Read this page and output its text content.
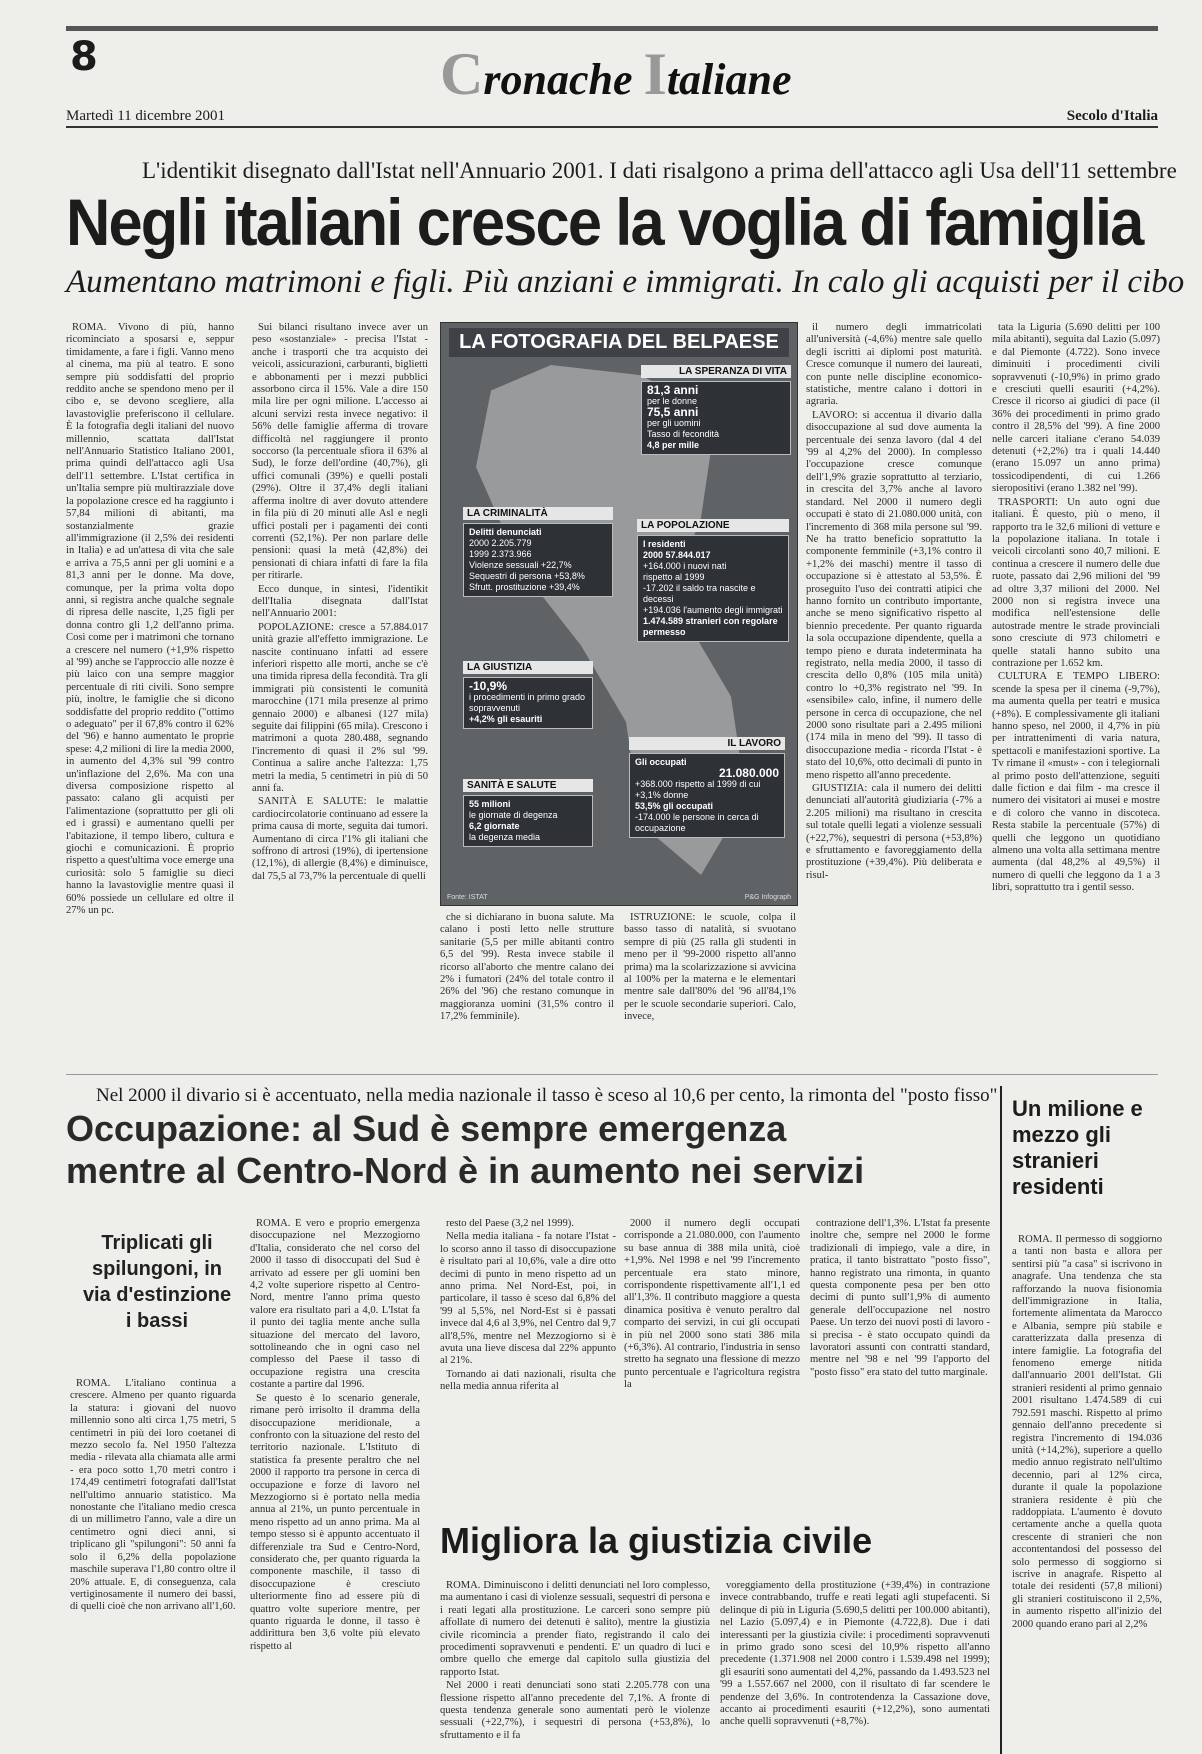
8	Cronache Italiane
Martedì 11 dicembre 2001	Secolo d'Italia
L'identikit disegnato dall'Istat nell'Annuario 2001. I dati risalgono a prima dell'attacco agli Usa dell'11 settembre
Negli italiani cresce la voglia di famiglia
Aumentano matrimoni e figli. Più anziani e immigrati. In calo gli acquisti per il cibo

ROMA. Vivono di più, hanno ricominciato a sposarsi e, seppur timidamente, a fare i figli. Vanno meno al cinema, ma più al teatro. E sono sempre più soddisfatti del proprio reddito anche se spendono meno per il cibo e, se devono scegliere, alla lavastoviglie preferiscono il cellulare. È la fotografia degli italiani del nuovo millennio, scattata dall'Istat nell'Annuario Statistico Italiano 2001, prima quindi dell'attacco agli Usa dell'11 settembre. L'Istat certifica in un'Italia sempre più multirazziale dove la popolazione cresce ed ha raggiunto i 57,84 milioni di abitanti, ma sostanzialmente grazie all'immigrazione (il 2,5% dei residenti in Italia) e ad un'attesa di vita che sale e arriva a 75,5 anni per gli uomini e a 81,3 anni per le donne. Ma dove, comunque, per la prima volta dopo anni, si registra anche qualche segnale di ripresa delle nascite, 1,25 figli per donna contro gli 1,2 dell'anno prima. Così come per i matrimoni che tornano a crescere nel numero (+1,9% rispetto al '99) anche se l'approccio alle nozze è più laico con una sempre maggior percentuale di riti civili. Sono sempre più, inoltre, le famiglie che si dicono soddisfatte del proprio reddito ("ottimo o adeguato" per il 67,8% contro il 62% del '96) e hanno aumentato le proprie spese: 4,2 milioni di lire la media 2000, in aumento del 4,3% sul '99 contro un'inflazione del 2,6%. Ma con una diversa composizione rispetto al passato: calano gli acquisti per l'alimentazione (soprattutto per gli oli ed i grassi) e aumentano quelli per l'abitazione, il tempo libero, cultura e giochi e comunicazioni. È proprio rispetto a quest'ultima voce emerge una curiosità: solo 5 famiglie su dieci hanno la lavastoviglie mentre quasi il 60% possiede un cellulare ed oltre il 27% un pc.

Sui bilanci risultano invece aver un peso «sostanziale» - precisa l'Istat - anche i trasporti che tra acquisto dei veicoli, assicurazioni, carburanti, biglietti e abbonamenti per i mezzi pubblici assorbono circa il 15%. Vale a dire 150 mila lire per ogni milione. L'accesso ai alcuni servizi resta invece negativo: il 56% delle famiglie afferma di trovare difficoltà nel raggiungere il pronto soccorso (la percentuale sfiora il 63% al Sud), le forze dell'ordine (40,7%), gli uffici comunali (39%) e quelli postali (29%). Oltre il 37,4% degli italiani afferma inoltre di aver dovuto attendere in fila più di 20 minuti alle Asl e negli uffici postali per i pagamenti dei conti correnti (52,1%). Per non parlare delle pensioni: quasi la metà (42,8%) dei pensionati di chiara infatti di fare la fila per ritirarle.

Ecco dunque, in sintesi, l'identikit dell'Italia disegnata dall'Istat nell'Annuario 2001:

POPOLAZIONE: cresce a 57.884.017 unità grazie all'effetto immigrazione. Le nascite continuano infatti ad essere inferiori rispetto alle morti, anche se c'è una timida ripresa della fecondità. Tra gli immigrati più consistenti le comunità marocchine (171 mila presenze al primo gennaio 2000) e albanesi (127 mila) seguite dai filippini (65 mila). Crescono i matrimoni a quota 280.488, segnando l'incremento di quasi il 2% sul '99. Continua a salire anche l'altezza: 1,75 metri la media, 5 centimetri in più di 50 anni fa.

SANITÀ E SALUTE: le malattie cardiocircolatorie continuano ad essere la prima causa di morte, seguita dai tumori. Aumentano di circa l'1% gli italiani che soffrono di artrosi (19%), di ipertensione (12,1%), di allergie (8,4%) e diminuisce, dal 75,5 al 73,7% la percentuale di quelli

LA FOTOGRAFIA DEL BELPAESE
LA SPERANZA DI VITA
81,3 anni
per le donne
75,5 anni
per gli uomini
Tasso di fecondità
4,8 per mille
LA CRIMINALITÀ
Delitti denunciati
2000 2.205.779
1999 2.373.966
Violenze sessuali +22,7%
Sequestri di persona +53,8%
Sfrutt. prostituzione +39,4%
LA POPOLAZIONE
I residenti
2000 57.844.017
+164.000 i nuovi nati
rispetto al 1999
-17.202 il saldo tra nascite e decessi
+194.036 l'aumento degli immigrati
1.474.589 stranieri con regolare permesso
LA GIUSTIZIA
-10,9%
i procedimenti in primo grado sopravvenuti
+4,2% gli esauriti
IL LAVORO
Gli occupati
21.080.000
+368.000 rispetto al 1999 di cui
+3,1% donne
53,5% gli occupati
-174.000 le persone in cerca di occupazione
SANITÀ E SALUTE
55 milioni
le giornate di degenza
6,2 giornate
la degenza media
Fonte: ISTAT	P&G Infograph

che si dichiarano in buona salute. Ma calano i posti letto nelle strutture sanitarie (5,5 per mille abitanti contro 6,5 del '99). Resta invece stabile il ricorso all'aborto che mentre calano dei 2% i fumatori (24% del totale contro il 26% del '96) che restano comunque in maggioranza uomini (31,5% contro il 17,2% femminile).

ISTRUZIONE: le scuole, colpa il basso tasso di natalità, si svuotano sempre di più (25 ralla gli studenti in meno per il '99-2000 rispetto all'anno prima) ma la scolarizzazione si avvicina al 100% per la materna e le elementari mentre sale dall'80% del '96 all'84,1% per le scuole secondarie superiori. Calo, invece,

il numero degli immatricolati all'università (-4,6%) mentre sale quello degli iscritti ai diplomi post maturità. Cresce comunque il numero dei laureati, con punte nelle discipline economico-statistiche, mentre calano i dottori in agraria.

LAVORO: si accentua il divario dalla disoccupazione al sud dove aumenta la percentuale dei senza lavoro (dal 4 del '99 al 4,2% del 2000). In complesso l'occupazione cresce comunque dell'1,9% grazie soprattutto al terziario, in crescita del 3,7% anche al lavoro standard. Nel 2000 il numero degli occupati è stato di 21.080.000 unità, con l'incremento di 368 mila persone sul '99. Ne ha tratto beneficio soprattutto la componente femminile (+3,1% contro il +1,2% dei maschi) mentre il tasso di occupazione si è attestato al 53,5%. È proseguito l'uso dei contratti atipici che hanno fornito un contributo importante, anche se meno significativo rispetto al biennio precedente. Per quanto riguarda la sola occupazione dipendente, quella a tempo pieno e durata indeterminata ha registrato, nella media 2000, il tasso di crescita dello 0,8% (105 mila unità) contro lo +0,3% registrato nel '99. In «sensibile» calo, infine, il numero delle persone in cerca di occupazione, che nel 2000 sono risultate pari a 2.495 milioni (174 mila in meno del '99). Il tasso di disoccupazione media - ricorda l'Istat - è stato del 10,6%, otto decimali di punto in meno rispetto all'anno precedente.

GIUSTIZIA: cala il numero dei delitti denunciati all'autorità giudiziaria (-7% a 2.205 milioni) ma risultano in crescita sul totale quelli legati a violenze sessuali (+22,7%), sequestri di persona (+53,8%) e sfruttamento e favoreggiamento della prostituzione (+39,4%). Più deliberata e risul-

tata la Liguria (5.690 delitti per 100 mila abitanti), seguita dal Lazio (5.097) e dal Piemonte (4.722). Sono invece diminuiti i procedimenti civili sopravvenuti (-10,9%) in primo grado e cresciuti quelli esauriti (+4,2%). Cresce il ricorso ai giudici di pace (il 36% dei procedimenti in primo grado contro il 28,5% del '99). A fine 2000 nelle carceri italiane c'erano 54.039 detenuti (+2,2%) tra i quali 14.440 (erano 15.097 un anno prima) tossicodipendenti, di cui 1.266 sieropositivi (erano 1.382 nel '99).

TRASPORTI: Un auto ogni due italiani. È questo, più o meno, il rapporto tra le 32,6 milioni di vetture e la popolazione italiana. In totale i veicoli circolanti sono 40,7 milioni. E continua a crescere il numero delle due ruote, passato dai 2,96 milioni del '99 ad oltre 3,37 milioni del 2000. Nel 2000 non si registra invece una modifica nell'estensione delle autostrade mentre le strade provinciali sono cresciute di 973 chilometri e quelle statali hanno subito una contrazione per 1.652 km.

CULTURA E TEMPO LIBERO: scende la spesa per il cinema (-9,7%), ma aumenta quella per teatri e musica (+8%). E complessivamente gli italiani hanno speso, nel 2000, il 4,7% in più per intrattenimenti di varia natura, spettacoli e manifestazioni sportive. La Tv rimane il «must» - con i telegiornali al primo posto dell'attenzione, seguiti dalle fiction e dai film - ma cresce il numero dei visitatori ai musei e mostre e di coloro che vanno in discoteca. Resta stabile la percentuale (57%) di quelli che leggono un quotidiano almeno una volta alla settimana mentre aumenta (dal 48,2% al 49,5%) il numero di quelli che leggono da 1 a 3 libri, soprattutto tra i gentil sesso.

Nel 2000 il divario si è accentuato, nella media nazionale il tasso è sceso al 10,6 per cento, la rimonta del "posto fisso"
Occupazione: al Sud è sempre emergenza
mentre al Centro-Nord è in aumento nei servizi
Triplicati gli spilungoni, in via d'estinzione i bassi

ROMA. L'italiano continua a crescere. Almeno per quanto riguarda la statura: i giovani del nuovo millennio sono alti circa 1,75 metri, 5 centimetri in più dei loro coetanei di mezzo secolo fa. Nel 1950 l'altezza media - rilevata alla chiamata alle armi - era poco sotto 1,70 metri contro i 174,49 centimetri fotografati dall'Istat nell'ultimo annuario statistico. Ma nonostante che l'italiano medio cresca di un millimetro l'anno, vale a dire un centimetro ogni dieci anni, si triplicano gli "spilungoni": 50 anni fa solo il 6,2% della popolazione maschile superava l'1,80 contro oltre il 20% attuale. E, di conseguenza, cala vertiginosamente il numero dei bassi, di quelli cioè che non arrivano all'1,60.

ROMA. È vero e proprio emergenza disoccupazione nel Mezzogiorno d'Italia, considerato che nel corso del 2000 il tasso di disoccupati del Sud è arrivato ad essere per gli uomini ben 4,2 volte superiore rispetto al Centro-Nord, mentre l'anno prima questo valore era risultato pari a 4,0. L'Istat fa il punto dei taglia mente anche sulla situazione del mercato del lavoro, sottolineando che in ogni caso nel complesso del Paese il tasso di occupazione registra una crescita costante a partire dal 1996.

Se questo è lo scenario generale, rimane però irrisolto il dramma della disoccupazione meridionale, a confronto con la situazione del resto del territorio nazionale. L'Istituto di statistica fa presente peraltro che nel 2000 il rapporto tra persone in cerca di occupazione e forze di lavoro nel Mezzogiorno si è portato nella media annua al 21%, un punto percentuale in meno rispetto ad un anno prima. Ma al tempo stesso si è appunto accentuato il differenziale tra Sud e Centro-Nord, considerato che, per quanto riguarda la componente maschile, il tasso di disoccupazione è cresciuto ulteriormente fino ad essere più di quattro volte superiore mentre, per quanto riguarda le donne, il tasso è addirittura ben 3,6 volte più elevato rispetto al

resto del Paese (3,2 nel 1999).

Nella media italiana - fa notare l'Istat - lo scorso anno il tasso di disoccupazione è risultato pari al 10,6%, vale a dire otto decimi di punto in meno rispetto ad un anno prima. Nel Nord-Est, poi, in particolare, il tasso è sceso dal 6,8% del '99 al 5,5%, nel Nord-Est si è passati invece dal 4,6 al 3,9%, nel Centro dal 9,7 all'8,5%, mentre nel Mezzogiorno si è avuta una lieve discesa dal 22% appunto al 21%.

Tornando ai dati nazionali, risulta che nella media annua riferita al

2000 il numero degli occupati corrisponde a 21.080.000, con l'aumento su base annua di 388 mila unità, cioè +1,9%. Nel 1998 e nel '99 l'incremento percentuale era stato minore, corrispondente rispettivamente all'1,1 ed all'1,3%. Il contributo maggiore a questa dinamica positiva è venuto peraltro dal comparto dei servizi, in cui gli occupati in più nel 2000 sono stati 386 mila (+6,3%). Al contrario, l'industria in senso stretto ha segnato una flessione di mezzo punto percentuale e l'agricoltura registra la

contrazione dell'1,3%. L'Istat fa presente inoltre che, sempre nel 2000 le forme tradizionali di impiego, vale a dire, in pratica, il tanto bistrattato "posto fisso", hanno registrato una rimonta, in quanto questa componente pesa per ben otto decimi di punto sull'1,9% di aumento generale dell'occupazione nel nostro Paese. Un terzo dei nuovi posti di lavoro - si precisa - è stato occupato quindi da lavoratori assunti con contratti standard, mentre nel '98 e nel '99 l'apporto del "posto fisso" era stato del tutto marginale.

Migliora la giustizia civile

ROMA. Diminuiscono i delitti denunciati nel loro complesso, ma aumentano i casi di violenze sessuali, sequestri di persona e i reati legati alla prostituzione. Le carceri sono sempre più affollate di numero dei detenuti è salito), mentre la giustizia civile ricomincia a prender fiato, registrando il calo dei procedimenti sopravvenuti e pendenti. E' un quadro di luci e ombre quello che emerge dal capitolo sulla giustizia del rapporto Istat.

Nel 2000 i reati denunciati sono stati 2.205.778 con una flessione rispetto all'anno precedente del 7,1%. A fronte di questa tendenza generale sono aumentati però le violenze sessuali (+22,7%), i sequestri di persona (+53,8%), lo sfruttamento e il fa

voreggiamento della prostituzione (+39,4%) in contrazione invece contrabbando, truffe e reati legati agli stupefacenti. Si delinque di più in Liguria (5.690,5 delitti per 100.000 abitanti), nel Lazio (5.097,4) e in Piemonte (4.722,8). Due i dati interessanti per la giustizia civile: i procedimenti sopravvenuti in primo grado sono scesi del 10,9% rispetto all'anno precedente (1.371.908 nel 2000 contro i 1.539.498 nel 1999); gli esauriti sono aumentati del 4,2%, passando da 1.493.523 nel '99 a 1.557.667 nel 2000, con il risultato di far scendere le pendenze del 3,6%. In controtendenza la Cassazione dove, accanto ai procedimenti esauriti (+12,2%), sono aumentati anche quelli sopravvenuti (+8,7%).

Un milione e mezzo gli stranieri residenti

ROMA. Il permesso di soggiorno a tanti non basta e allora per sentirsi più "a casa" si iscrivono in anagrafe. Una tendenza che sta rafforzando la nuova fisionomia dell'immigrazione in Italia, fortemente alimentata da Marocco e Albania, sempre più stabile e caratterizzata dalla presenza di intere famiglie. La fotografia del fenomeno emerge nitida dall'annuario 2001 dell'Istat. Gli stranieri residenti al primo gennaio 2001 risultano 1.474.589 di cui 792.591 maschi. Rispetto al primo gennaio dell'anno precedente si registra l'incremento di 194.036 unità (+14,2%), superiore a quello medio annuo registrato nell'ultimo decennio, pari al 12% circa, durante il quale la popolazione straniera residente è più che raddoppiata. L'aumento è dovuto certamente anche a quella quota crescente di stranieri che non accontentandosi del possesso del solo permesso di soggiorno si iscrive in anagrafe. Rispetto al totale dei residenti (57,8 milioni) gli stranieri costituiscono il 2,5%, in aumento rispetto all'inizio del 2000 quando erano pari al 2,2%
